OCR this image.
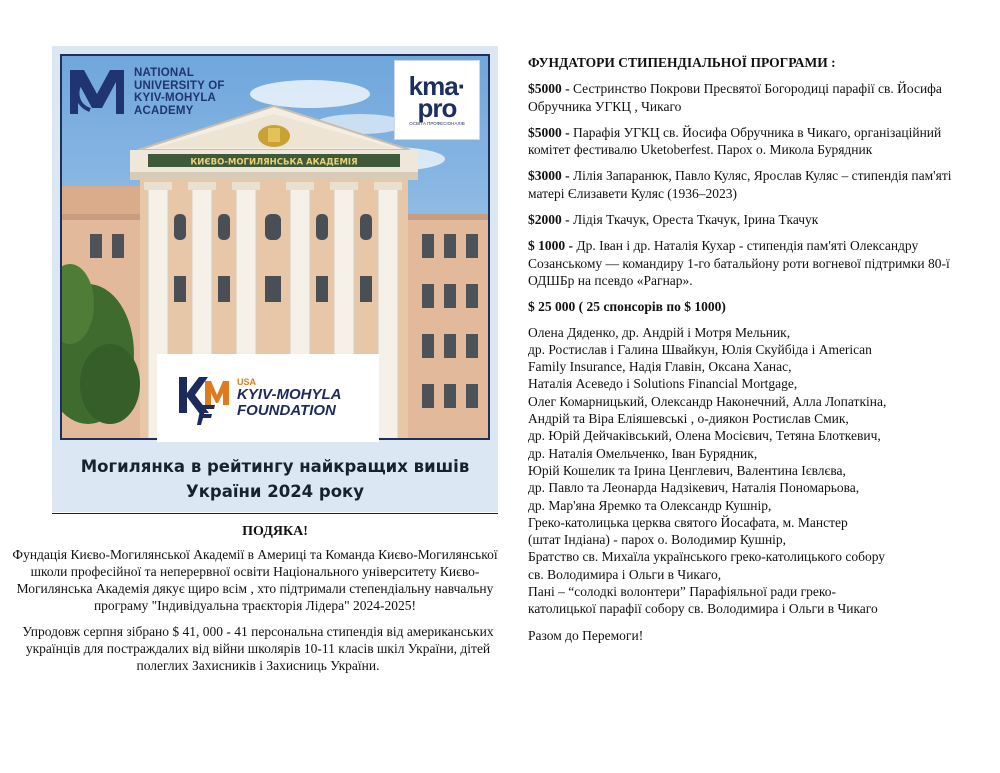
КИЄВО-МОГИЛЯНСЬКА АКАДЕМІЯ
NATIONAL
UNIVERSITY OF
KYIV-MOHYLA
ACADEMY
kma·
pro
ОСВІТА ПРОФЕСІОНАЛІВ
USA
KYIV-MOHYLA
FOUNDATION
Могилянка в рейтингу найкращих вишів
України 2024 року
ПОДЯКА!

Фундація Києво-Могилянської Академії в Америці та Команда Києво-Могилянської школи професійної та неперервної освіти Національного університету Києво-Могилянська Академія дякує щиро всім , хто підтримали степендіальну навчальну програму "Індивідуальна траєкторія Лідера" 2024-2025!

Упродовж серпня зібрано $ 41, 000 - 41 персональна стипендія від американських українців для постраждалих від війни школярів 10-11 класів шкіл України, дітей полеглих Захисників і Захисниць України.

ФУНДАТОРИ СТИПЕНДІАЛЬНОЇ ПРОГРАМИ :

$5000 - Сестринство Покрови Пресвятої Богородиці парафії св. Йосифа Обручника УГКЦ , Чикаго

$5000 - Парафія УГКЦ св. Йосифа Обручника в Чикаго, організаційний комітет фестивалю Uketoberfest. Парох о. Микола Бурядник

$3000 - Лілія Запаранюк, Павло Куляс, Ярослав Куляс – стипендія пам'яті матері Єлизавети Куляс (1936–2023)

$2000 - Лідія Ткачук, Ореста Ткачук, Ірина Ткачук

$ 1000 - Др. Іван і др. Наталія Кухар - стипендія пам'яті Олександру Созанському — командиру 1-го батальйону роти вогневої підтримки 80-ї ОДШБр на псевдо «Рагнар».

$ 25 000 ( 25 спонсорів по $ 1000)

Олена Дяденко, др. Андрій і Мотря Мельник,
др. Ростислав і Галина Швайкун, Юлія Скуйбіда і American
Family Insurance, Надія Главін, Оксана Ханас,
Наталія Асеведо і Solutions Financial Mortgage,
Олег Комарницький, Олександр Наконечний, Алла Лопаткіна,
Андрій та Віра Еліяшевські , о-диякон Ростислав Смик,
др. Юрій Дейчаківський, Олена Мосієвич, Тетяна Блоткевич,
др. Наталія Омельченко, Іван Бурядник,
Юрій Кошелик та Ірина Ценглевич, Валентина Ієвлєва,
др. Павло та Леонарда Надзікевич, Наталія Пономарьова,
др. Мар'яна Яремко та Олександр Кушнір,
Греко-католицька церква святого Йосафата, м. Манстер
(штат Індіана) - парох о. Володимир Кушнір,
Братство св. Михаїла українського греко-католицького собору
св. Володимира і Ольги в Чикаго,
Пані – “солодкі волонтери” Парафіяльної ради греко-
католицької парафії собору св. Володимира і Ольги в Чикаго

Разом до Перемоги!
